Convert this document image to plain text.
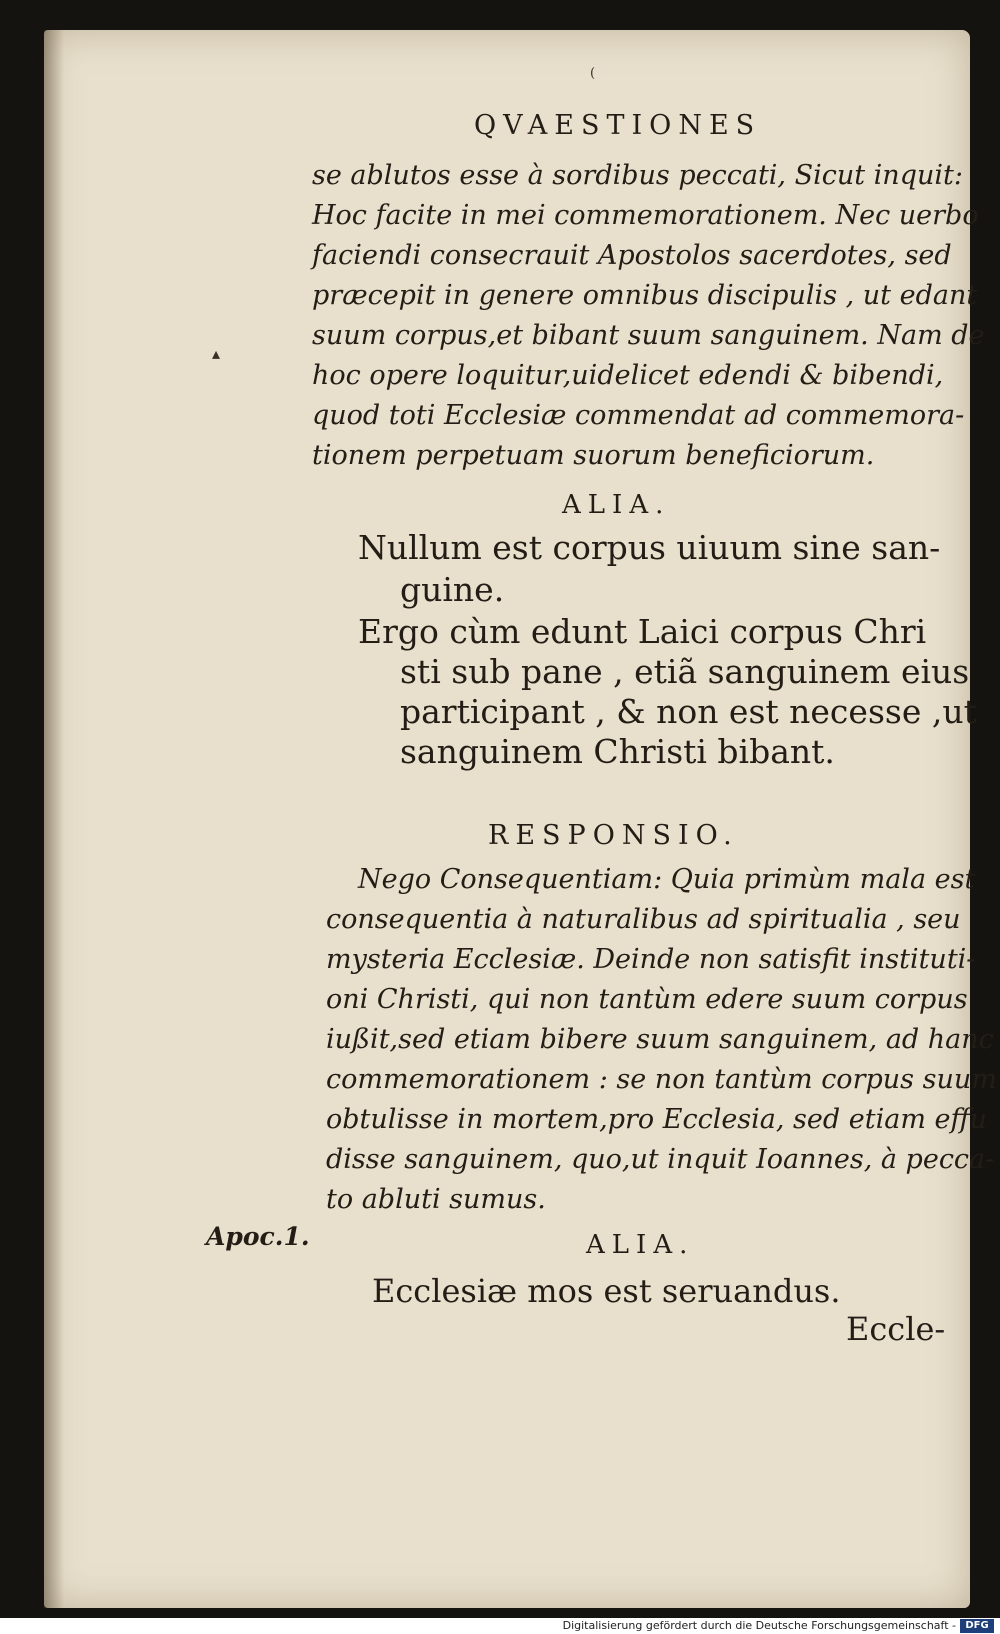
QVAESTIONES
se ablutos esse à sordibus peccati, Sicut inquit:
Hoc facite in mei commemorationem. Nec uerbo
faciendi consecrauit Apostolos sacerdotes, sed
præcepit in genere omnibus discipulis , ut edant
suum corpus,et bibant suum sanguinem. Nam de
hoc opere loquitur,uidelicet edendi & bibendi,
quod toti Ecclesiæ commendat ad commemora-
tionem perpetuam suorum beneficiorum.
ALIA.
Nullum est corpus uiuum sine san-
guine.
Ergo cùm edunt Laici corpus Chri
sti sub pane , etiã sanguinem eius
participant , & non est necesse ,ut
sanguinem Christi bibant.
RESPONSIO.
Nego Consequentiam: Quia primùm mala est
consequentia à naturalibus ad spiritualia , seu
mysteria Ecclesiæ. Deinde non satisfit instituti-
oni Christi, qui non tantùm edere suum corpus
iußit,sed etiam bibere suum sanguinem, ad hanc
commemorationem : se non tantùm corpus suum
obtulisse in mortem,pro Ecclesia, sed etiam effu
disse sanguinem, quo,ut inquit Ioannes, à pecca-
to abluti sumus.
Apoc.1.	ALIA.
Ecclesiæ mos est seruandus.
Eccle-
▴
(
Digitalisierung gefördert durch die Deutsche Forschungsgemeinschaft - DFG
